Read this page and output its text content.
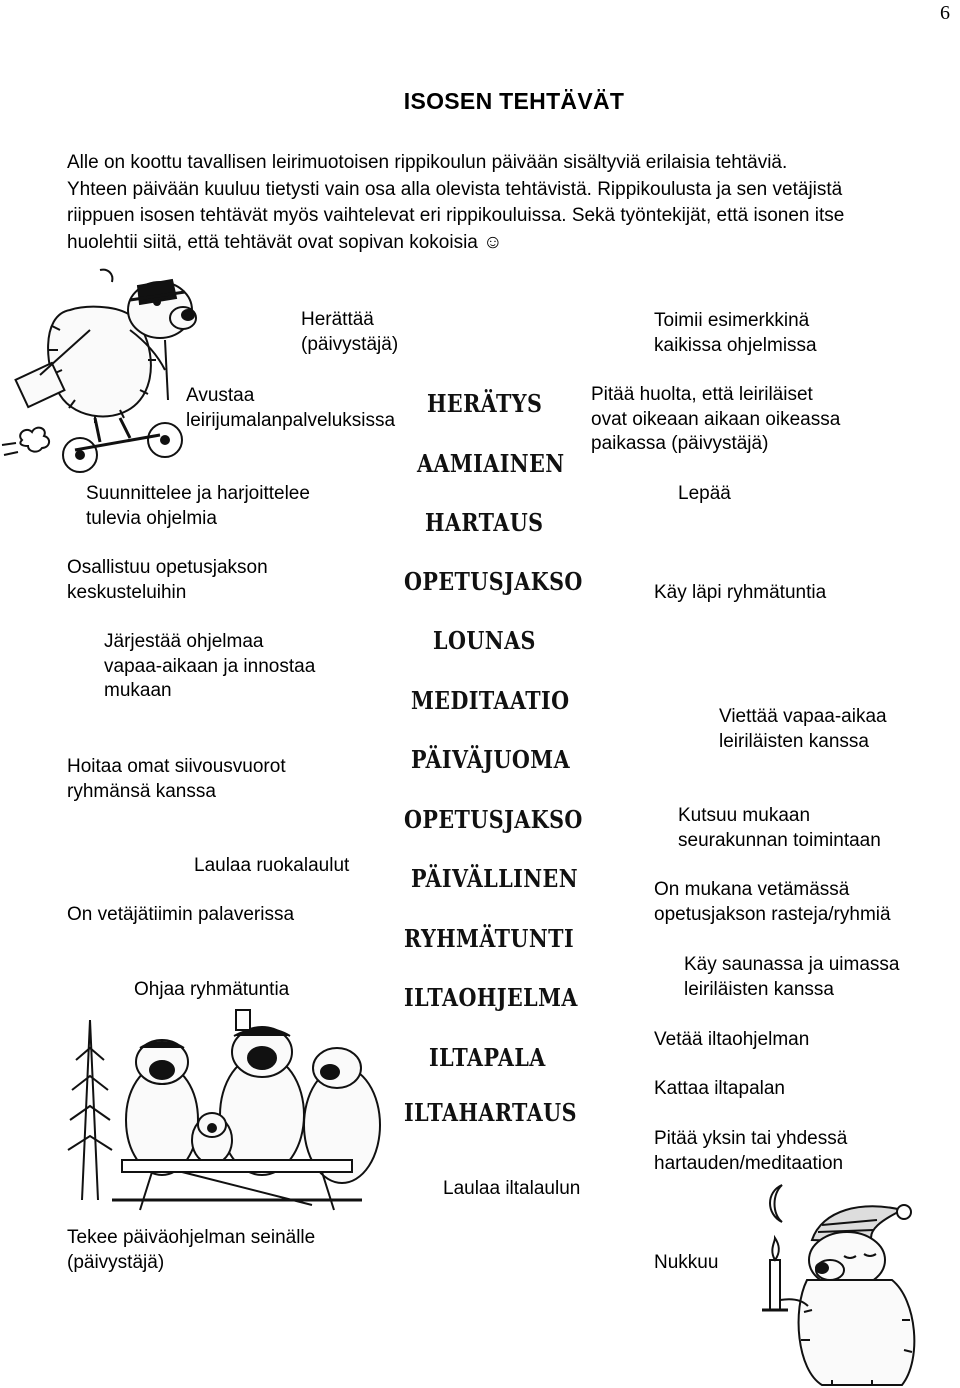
6
ISOSEN TEHTÄVÄT
Alle on koottu tavallisen leirimuotoisen rippikoulun päivään sisältyviä erilaisia tehtäviä.
Yhteen päivään kuuluu tietysti vain osa alla olevista tehtävistä. Rippikoulusta ja sen vetäjistä
riippuen isosen tehtävät myös vaihtelevat eri rippikouluissa. Sekä työntekijät, että isonen itse
huolehtii siitä, että tehtävät ovat sopivan kokoisia ☺
HERÄTYS
AAMIAINEN
HARTAUS
OPETUSJAKSO
LOUNAS
MEDITAATIO
PÄIVÄJUOMA
OPETUSJAKSO
PÄIVÄLLINEN
RYHMÄTUNTI
ILTAOHJELMA
ILTAPALA
ILTAHARTAUS
Herättää
(päivystäjä)
Avustaa
leirijumalanpalveluksissa
Suunnittelee ja harjoittelee
tulevia ohjelmia
Osallistuu opetusjakson
keskusteluihin
Järjestää ohjelmaa
vapaa-aikaan ja innostaa
mukaan
Hoitaa omat siivousvuorot
ryhmänsä kanssa
Laulaa ruokalaulut
On vetäjätiimin palaverissa
Ohjaa ryhmätuntia
Laulaa iltalaulun
Tekee päiväohjelman seinälle
(päivystäjä)
Toimii esimerkkinä
kaikissa ohjelmissa
Pitää huolta, että leiriläiset
ovat oikeaan aikaan oikeassa
paikassa (päivystäjä)
Lepää
Käy läpi ryhmätuntia
Viettää vapaa-aikaa
leiriläisten kanssa
Kutsuu mukaan
seurakunnan toimintaan
On mukana vetämässä
opetusjakson rasteja/ryhmiä
Käy saunassa ja uimassa
leiriläisten kanssa
Vetää iltaohjelman
Kattaa iltapalan
Pitää yksin tai yhdessä
hartauden/meditaation
Nukkuu
